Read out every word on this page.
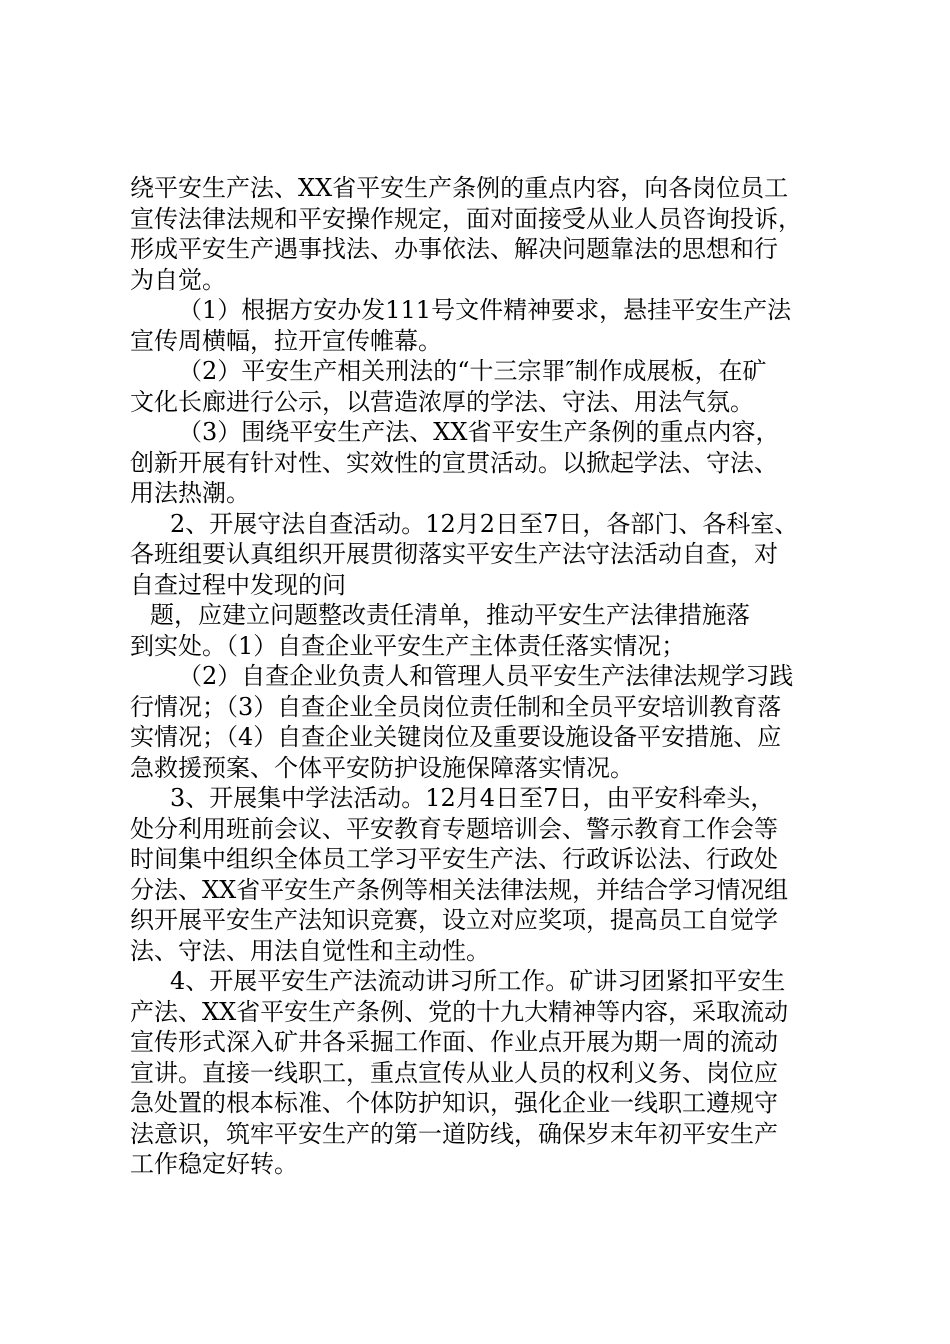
绕平安生产法、XX省平安生产条例的重点内容，向各岗位员工
宣传法律法规和平安操作规定，面对面接受从业人员咨询投诉，
形成平安生产遇事找法、办事依法、解决问题靠法的思想和行
为自觉。
（1）根据方安办发111号文件精神要求，悬挂平安生产法
宣传周横幅，拉开宣传帷幕。
（2）平安生产相关刑法的“十三宗罪″制作成展板，在矿
文化长廊进行公示，以营造浓厚的学法、守法、用法气氛。
（3）围绕平安生产法、XX省平安生产条例的重点内容，
创新开展有针对性、实效性的宣贯活动。以掀起学法、守法、
用法热潮。
2、开展守法自查活动。12月2日至7日，各部门、各科室、
各班组要认真组织开展贯彻落实平安生产法守法活动自查，对
自查过程中发现的问
题，应建立问题整改责任清单，推动平安生产法律措施落
到实处。（1）自查企业平安生产主体责任落实情况；
（2）自查企业负责人和管理人员平安生产法律法规学习践
行情况；（3）自查企业全员岗位责任制和全员平安培训教育落
实情况；（4）自查企业关键岗位及重要设施设备平安措施、应
急救援预案、个体平安防护设施保障落实情况。
3、开展集中学法活动。12月4日至7日，由平安科牵头，
处分利用班前会议、平安教育专题培训会、警示教育工作会等
时间集中组织全体员工学习平安生产法、行政诉讼法、行政处
分法、XX省平安生产条例等相关法律法规，并结合学习情况组
织开展平安生产法知识竞赛，设立对应奖项，提高员工自觉学
法、守法、用法自觉性和主动性。
4、开展平安生产法流动讲习所工作。矿讲习团紧扣平安生
产法、XX省平安生产条例、党的十九大精神等内容，采取流动
宣传形式深入矿井各采掘工作面、作业点开展为期一周的流动
宣讲。直接一线职工，重点宣传从业人员的权利义务、岗位应
急处置的根本标准、个体防护知识，强化企业一线职工遵规守
法意识，筑牢平安生产的第一道防线，确保岁末年初平安生产
工作稳定好转。
